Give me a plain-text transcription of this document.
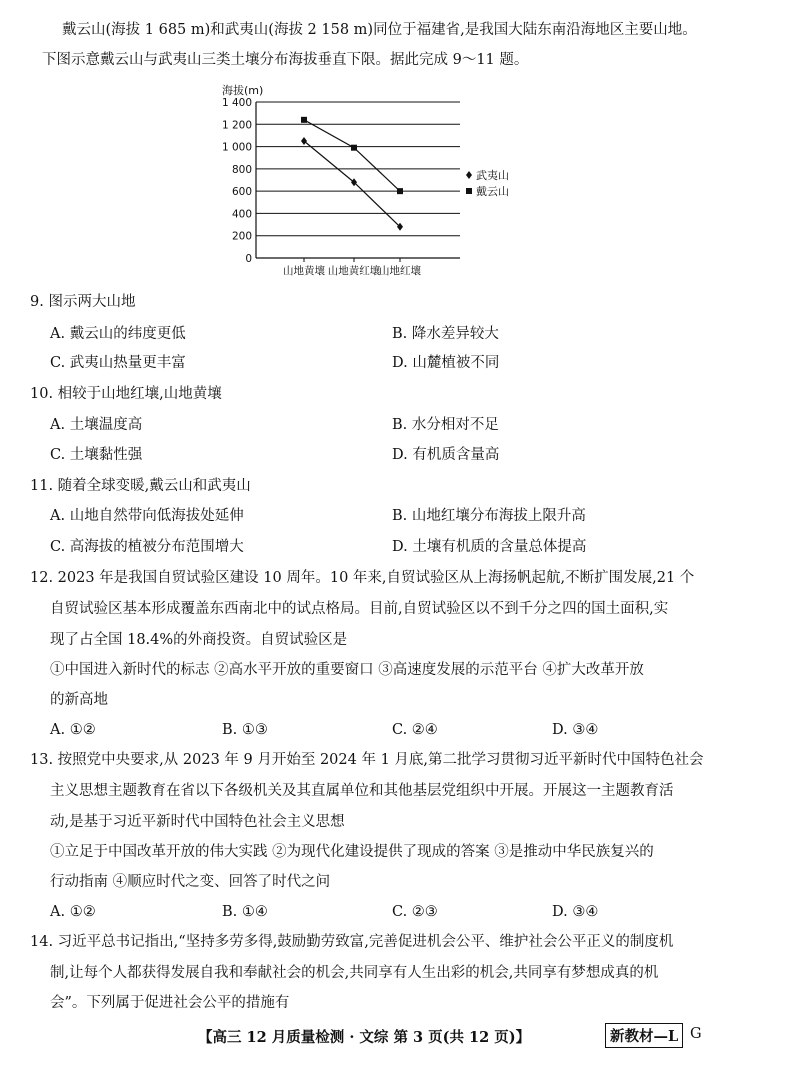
戴云山(海拔 1 685 m)和武夷山(海拔 2 158 m)同位于福建省,是我国大陆东南沿海地区主要山地。
下图示意戴云山与武夷山三类土壤分布海拔垂直下限。据此完成 9～11 题。
海拔(m)
1 400
1 200
1 000
800
600
400
200
0
山地黄壤 山地黄红壤
山地红壤
武夷山
戴云山
9. 图示两大山地
A. 戴云山的纬度更低	B. 降水差异较大
C. 武夷山热量更丰富	D. 山麓植被不同
10. 相较于山地红壤,山地黄壤
A. 土壤温度高	B. 水分相对不足
C. 土壤黏性强	D. 有机质含量高
11. 随着全球变暖,戴云山和武夷山
A. 山地自然带向低海拔处延伸	B. 山地红壤分布海拔上限升高
C. 高海拔的植被分布范围增大	D. 土壤有机质的含量总体提高
12. 2023 年是我国自贸试验区建设 10 周年。10 年来,自贸试验区从上海扬帆起航,不断扩围发展,21 个
自贸试验区基本形成覆盖东西南北中的试点格局。目前,自贸试验区以不到千分之四的国土面积,实
现了占全国 18.4%的外商投资。自贸试验区是
①中国进入新时代的标志 ②高水平开放的重要窗口 ③高速度发展的示范平台 ④扩大改革开放
的新高地
A. ①②	B. ①③	C. ②④	D. ③④
13. 按照党中央要求,从 2023 年 9 月开始至 2024 年 1 月底,第二批学习贯彻习近平新时代中国特色社会
主义思想主题教育在省以下各级机关及其直属单位和其他基层党组织中开展。开展这一主题教育活
动,是基于习近平新时代中国特色社会主义思想
①立足于中国改革开放的伟大实践 ②为现代化建设提供了现成的答案 ③是推动中华民族复兴的
行动指南 ④顺应时代之变、回答了时代之问
A. ①②	B. ①④	C. ②③	D. ③④
14. 习近平总书记指出,“坚持多劳多得,鼓励勤劳致富,完善促进机会公平、维护社会公平正义的制度机
制,让每个人都获得发展自我和奉献社会的机会,共同享有人生出彩的机会,共同享有梦想成真的机
会”。下列属于促进社会公平的措施有
【高三 12 月质量检测 · 文综 第 3 页(共 12 页)】	新教材—L G
